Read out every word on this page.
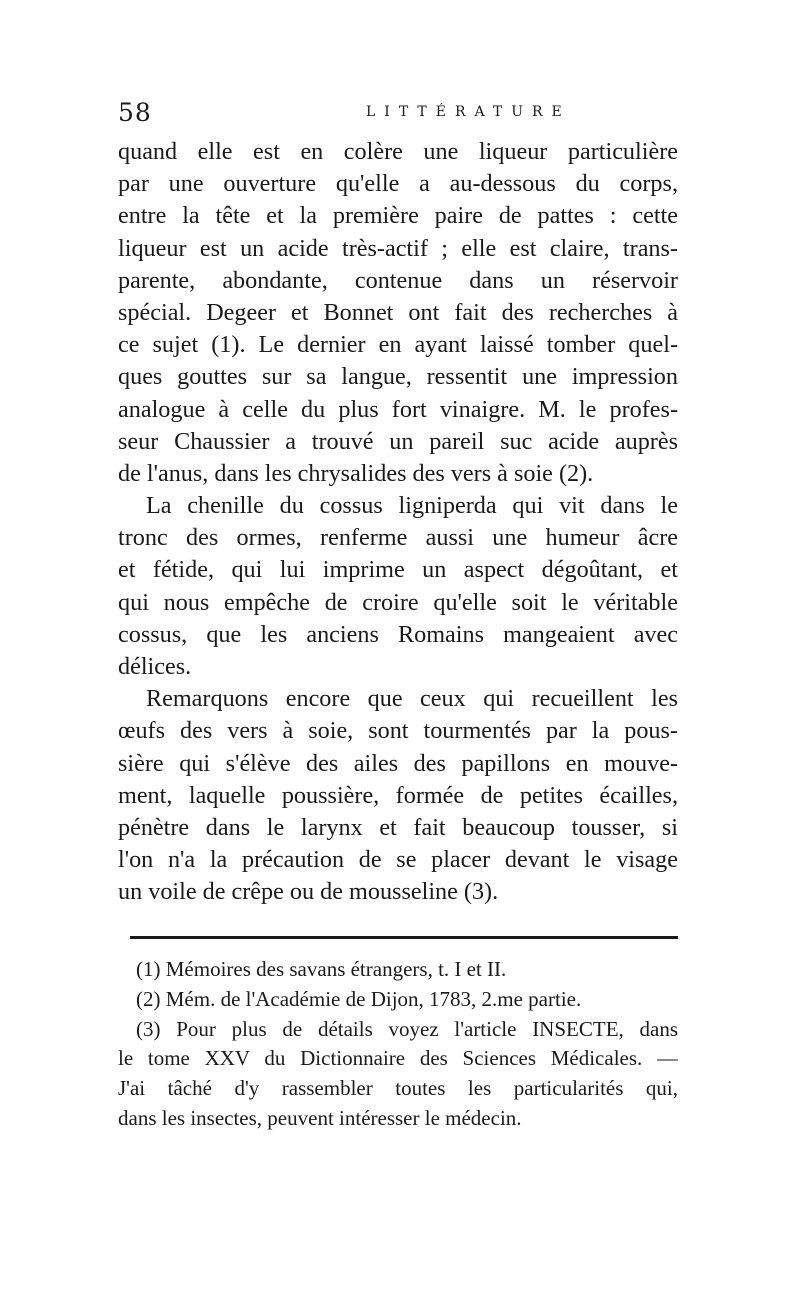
58	LITTÉRATURE
quand elle est en colère une liqueur particulière
par une ouverture qu'elle a au-dessous du corps,
entre la tête et la première paire de pattes : cette
liqueur est un acide très-actif ; elle est claire, trans-
parente, abondante, contenue dans un réservoir
spécial. Degeer et Bonnet ont fait des recherches à
ce sujet (1). Le dernier en ayant laissé tomber quel-
ques gouttes sur sa langue, ressentit une impression
analogue à celle du plus fort vinaigre. M. le profes-
seur Chaussier a trouvé un pareil suc acide auprès
de l'anus, dans les chrysalides des vers à soie (2).
La chenille du cossus ligniperda qui vit dans le
tronc des ormes, renferme aussi une humeur âcre
et fétide, qui lui imprime un aspect dégoûtant, et
qui nous empêche de croire qu'elle soit le véritable
cossus, que les anciens Romains mangeaient avec
délices.
Remarquons encore que ceux qui recueillent les
œufs des vers à soie, sont tourmentés par la pous-
sière qui s'élève des ailes des papillons en mouve-
ment, laquelle poussière, formée de petites écailles,
pénètre dans le larynx et fait beaucoup tousser, si
l'on n'a la précaution de se placer devant le visage
un voile de crêpe ou de mousseline (3).
(1) Mémoires des savans étrangers, t. I et II.
(2) Mém. de l'Académie de Dijon, 1783, 2.me partie.
(3) Pour plus de détails voyez l'article INSECTE, dans
le tome XXV du Dictionnaire des Sciences Médicales. —
J'ai tâché d'y rassembler toutes les particularités qui,
dans les insectes, peuvent intéresser le médecin.
